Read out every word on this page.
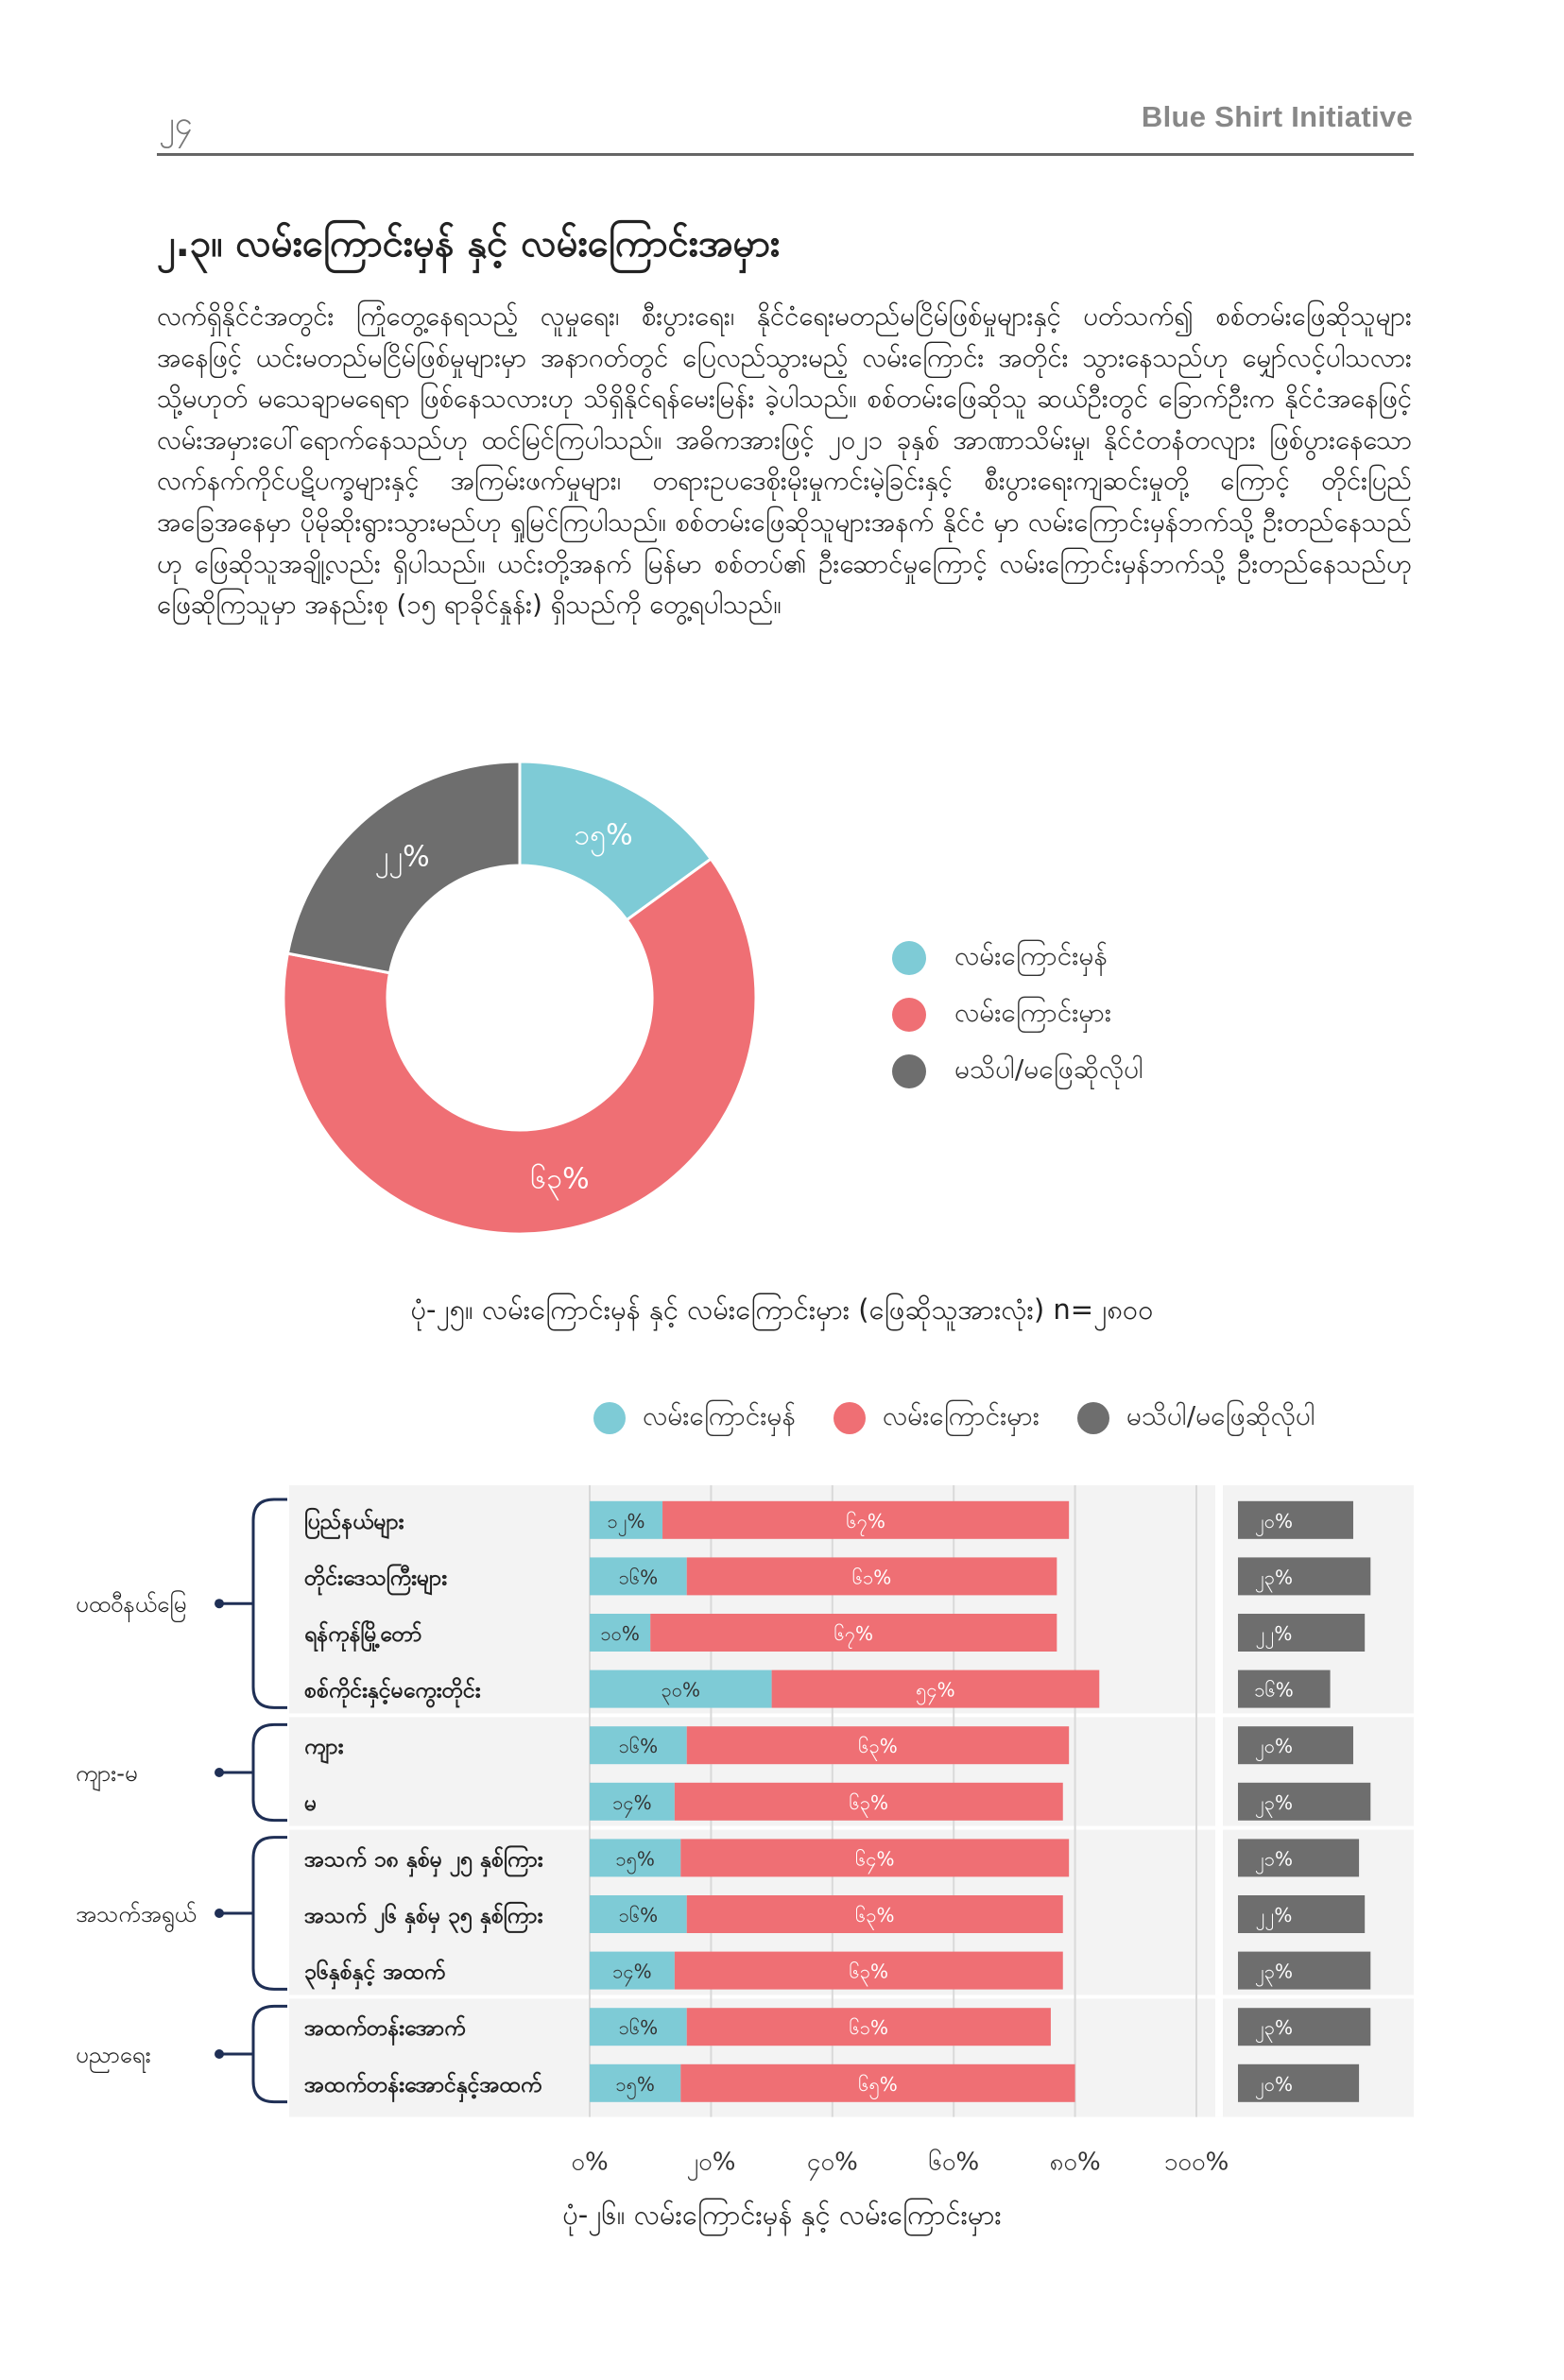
၂၄	Blue Shirt Initiative
၂.၃။ လမ်းကြောင်းမှန် နှင့် လမ်းကြောင်းအမှား
လက်ရှိနိုင်ငံအတွင်း ကြုံတွေ့နေရသည့် လူမှုရေး၊ စီးပွားရေး၊ နိုင်ငံရေးမတည်မငြိမ်ဖြစ်မှုများနှင့် ပတ်သက်၍ စစ်တမ်းဖြေဆိုသူများ အနေဖြင့် ယင်းမတည်မငြိမ်ဖြစ်မှုများမှာ အနာဂတ်တွင် ပြေလည်သွားမည့် လမ်းကြောင်း အတိုင်း သွားနေသည်ဟု မျှော်လင့်ပါသလား သို့မဟုတ် မသေချာမရေရာ ဖြစ်နေသလားဟု သိရှိနိုင်ရန်မေးမြန်း ခဲ့ပါသည်။ စစ်တမ်းဖြေဆိုသူ ဆယ်ဦးတွင် ခြောက်ဦးက နိုင်ငံအနေဖြင့် လမ်းအမှားပေါ်ရောက်နေသည်ဟု ထင်မြင်ကြပါသည်။ အဓိကအားဖြင့် ၂၀၂၁ ခုနှစ် အာဏာသိမ်းမှု၊ နိုင်ငံတနံတလျား ဖြစ်ပွားနေသော လက်နက်ကိုင်ပဋိပက္ခများနှင့် အကြမ်းဖက်မှုများ၊ တရားဥပဒေစိုးမိုးမှုကင်းမဲ့ခြင်းနှင့် စီးပွားရေးကျဆင်းမှုတို့ ကြောင့် တိုင်းပြည် အခြေအနေမှာ ပိုမိုဆိုးရွားသွားမည်ဟု ရှုမြင်ကြပါသည်။ စစ်တမ်းဖြေဆိုသူများအနက် နိုင်ငံ မှာ လမ်းကြောင်းမှန်ဘက်သို့ ဦးတည်နေသည်ဟု ဖြေဆိုသူအချို့လည်း ရှိပါသည်။ ယင်းတို့အနက် မြန်မာ စစ်တပ်၏ ဦးဆောင်မှုကြောင့် လမ်းကြောင်းမှန်ဘက်သို့ ဦးတည်နေသည်ဟု ဖြေဆိုကြသူမှာ အနည်းစု (၁၅ ရာခိုင်နှုန်း) ရှိသည်ကို တွေ့ရပါသည်။
၁၅%
၆၃%
၂၂%
လမ်းကြောင်းမှန်
လမ်းကြောင်းမှား
မသိပါ/မဖြေဆိုလိုပါ
ပုံ-၂၅။ လမ်းကြောင်းမှန် နှင့် လမ်းကြောင်းမှား (ဖြေဆိုသူအားလုံး) n=၂၈၀၀
လမ်းကြောင်းမှန်	လမ်းကြောင်းမှား	မသိပါ/မဖြေဆိုလိုပါ
ပြည်နယ်များ	၁၂%	၆၇%	၂၀%
တိုင်းဒေသကြီးများ	၁၆%	၆၁%	၂၃%
ရန်ကုန်မြို့တော်	၁၀%	၆၇%	၂၂%
စစ်ကိုင်းနှင့်မကွေးတိုင်း	၃၀%	၅၄%	၁၆%
ကျား	၁၆%	၆၃%	၂၀%
မ	၁၄%	၆၃%	၂၃%
အသက် ၁၈ နှစ်မှ ၂၅ နှစ်ကြား	၁၅%	၆၄%	၂၁%
အသက် ၂၆ နှစ်မှ ၃၅ နှစ်ကြား	၁၆%	၆၃%	၂၂%
၃၆နှစ်နှင့် အထက်	၁၄%	၆၃%	၂၃%
အထက်တန်းအောက်	၁၆%	၆၁%	၂၃%
အထက်တန်းအောင်နှင့်အထက်	၁၅%	၆၅%	၂၀%
ပထဝီနယ်မြေ
ကျား-မ
အသက်အရွယ်
ပညာရေး
၀%	၂၀%	၄၀%	၆၀%	၈၀%	၁၀၀%
ပုံ-၂၆။ လမ်းကြောင်းမှန် နှင့် လမ်းကြောင်းမှား
